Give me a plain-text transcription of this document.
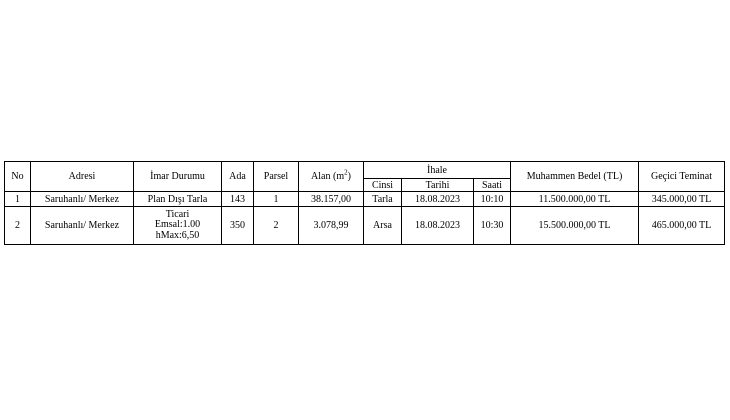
No	Adresi	İmar Durumu	Ada	Parsel	Alan $(m^2)$	İhale			Muhammen Bedel (TL)	Geçici Teminat
						Cinsi	Tarihi	Saati		
1	Saruhanlı/ Merkez	Plan Dışı Tarla	143	1	38.157,00	Tarla	18.08.2023	10:10	11.500.000,00 TL	345.000,00 TL
2	Saruhanlı/ Merkez	Ticari
Emsal:1.00
hMax:6,50	350	2	3.078,99	Arsa	18.08.2023	10:30	15.500.000,00 TL	465.000,00 TL
